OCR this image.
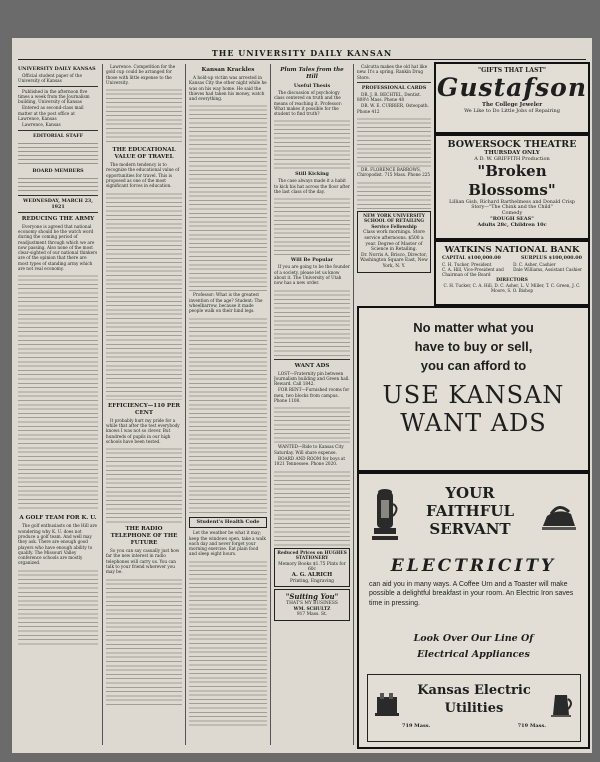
THE UNIVERSITY DAILY KANSAN
UNIVERSITY DAILY KANSAS

Official student paper of the University of Kansas

Published in the afternoon five times a week from the Journalism building, University of Kansas

Entered as second-class mail matter at the post office at Lawrence, Kansas

Lawrence, Kansas

EDITORIAL STAFF
BOARD MEMBERS
WEDNESDAY, MARCH 23, 1921
REDUCING THE ARMY

Everyone is agreed that national economy should be the watch word during the coming period of readjustment through which we are now passing. Also none of the most clear-sighted of our national thinkers are of the opinion that there are most types of standing army which are not real economy.

A GOLF TEAM FOR K. U.

The golf enthusiasts on the Hill are wondering why K. U. does not produce a golf team. And well may they ask. There are enough good players who have enough ability to qualify. The Missouri Valley conference schools are mostly organized.

Lawrence. Competition for the gold cup could be arranged for those with little expense to the University.

THE EDUCATIONAL VALUE OF TRAVEL

The modern tendency is to recognize the educational value of opportunities for travel. This is proposed as one of the most significant forces in education.

EFFICIENCY—110 PER CENT

It probably hurt my pride for a while that after the test everybody knows I was not so clever. But hundreds of pupils in our high schools have been tested.

THE RADIO TELEPHONE OF THE FUTURE

So you can say casually just how far the new interest in radio telephones will carry us. You can talk to your friend wherever you may be.

Kansan Krackles

A hold-up victim was arrested in Kansas City the other night while he was on his way home. He said the thieves had taken his money, watch and everything.

Professor: What is the greatest invention of the age? Student: The wheelbarrow, because it made people walk on their hind legs.

Student's Health Code

Let the weather be what it may; keep the windows open, take a walk each day and never forget your morning exercise. Eat plain food and sleep eight hours.

Plum Tales from the Hill
Useful Thesis

The discussion of psychology class centered on truth and the means of reaching it. Professor: What makes it possible for the student to find truth?

Still Kicking

The case always made it a habit to kick his hat across the floor after the last class of the day.

Will Be Popular

If you are going to be the founder of a society, please let us know about it. The University of Utah now has a new order.

WANT ADS

LOST—Fraternity pin between Journalism building and Green hall. Reward. Call 1842.

FOR RENT—Furnished rooms for men, two blocks from campus. Phone 1108.

WANTED—Ride to Kansas City Saturday. Will share expense.

BOARD AND ROOM for boys at 1021 Tennessee. Phone 2020.

Reduced Prices on HUGHES STATIONERY
Memory Books $1.75 Pints for 60c
A. G. ALRICH
Printing, Engraving
"Suiting You"
THAT'S MY BUSINESS
WM. SCHULTZ
917 Mass. St.

Calcutta makes the old hat like new. It's a spring. Rankin Drug Store.

PROFESSIONAL CARDS

DR. J. R. BECHTEL, Dentist. 808½ Mass. Phone 48

DR. W. E. CURRIER, Osteopath. Phone 412

DR. FLORENCE BARROWS, Chiropodist. 715 Mass. Phone 225

NEW YORK UNIVERSITY SCHOOL OF RETAILING
Service Fellowship
Class work mornings. Store service afternoons. $500 a year. Degree of Master of Science in Retailing.
Dr. Norris A. Brisco, Director, Washington Square East, New York, N. Y.
"GIFTS THAT LAST"
Gustafson
The College Jeweler
We Like to Do Little Jobs of Repairing
BOWERSOCK THEATRE
THURSDAY ONLY
A D. W. GRIFFITH Production
"Broken Blossoms"
Lillian Gish, Richard Barthelmess and Donald Crisp
Story—"The Chink and the Child"
Comedy
"ROUGH SEAS"
Adults 28c, Children 10c
WATKINS NATIONAL BANK
CAPITAL $100,000.00	SURPLUS $100,000.00
C. H. Tucker, President
C. A. Hill, Vice-President and Chairman of the Board
D. C. Asher, Cashier
Dale Williams, Assistant Cashier
DIRECTORS
C. H. Tucker, C. A. Hill, D. C. Asher, L. V. Miller, T. C. Green, J. C. Moore, S. O. Bishop
No matter what you
have to buy or sell,
you can afford to
USE KANSAN
WANT ADS
YOUR
FAITHFUL
SERVANT
ELECTRICITY
can aid you in many ways. A Coffee Urn and a Toaster will make possible a delightful breakfast in your room. An Electric Iron saves time in pressing.
Look Over Our Line Of
Electrical Appliances
Kansas Electric
Utilities
719 Mass.	719 Mass.
